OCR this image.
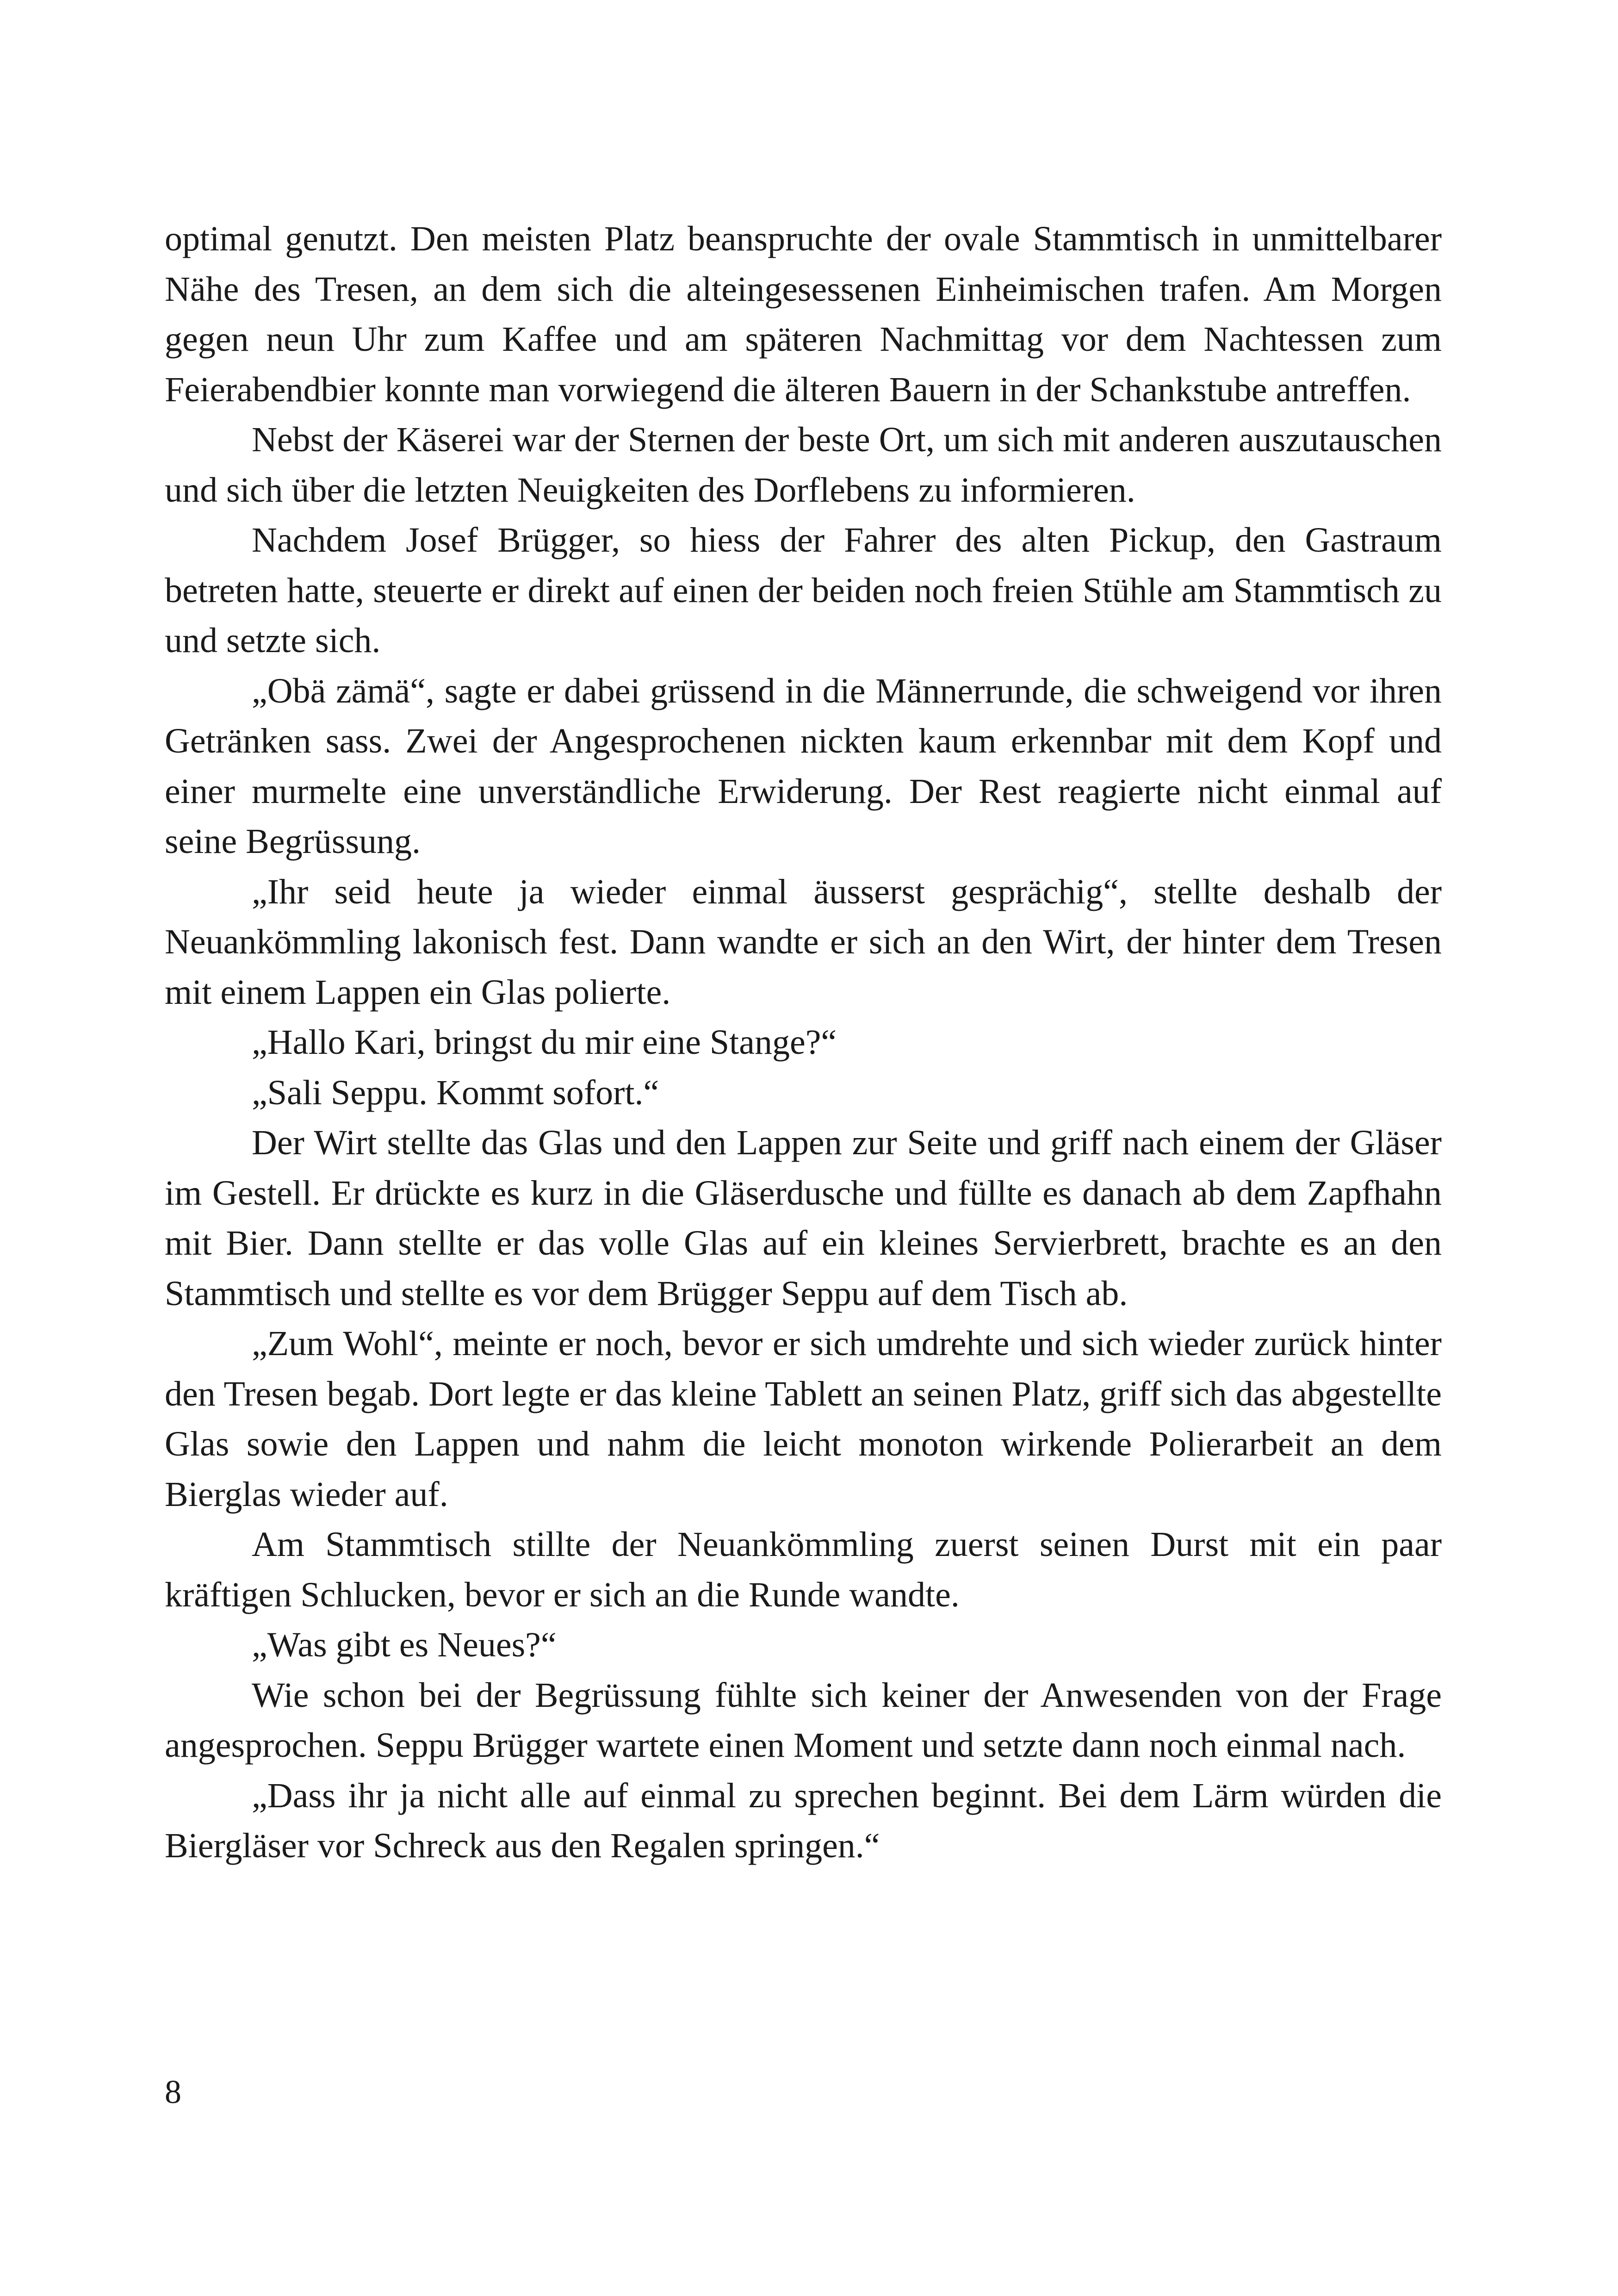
optimal genutzt. Den meisten Platz beanspruchte der ovale Stammtisch in unmittelbarer Nähe des Tresen, an dem sich die alteingesessenen Einheimischen trafen. Am Morgen gegen neun Uhr zum Kaffee und am späteren Nachmittag vor dem Nachtessen zum Feierabendbier konnte man vorwiegend die älteren Bauern in der Schankstube antreffen.

Nebst der Käserei war der Sternen der beste Ort, um sich mit anderen auszutauschen und sich über die letzten Neuigkeiten des Dorflebens zu informieren.

Nachdem Josef Brügger, so hiess der Fahrer des alten Pickup, den Gastraum betreten hatte, steuerte er direkt auf einen der beiden noch freien Stühle am Stammtisch zu und setzte sich.

„Obä zämä“, sagte er dabei grüssend in die Männerrunde, die schweigend vor ihren Getränken sass. Zwei der Angesprochenen nickten kaum erkennbar mit dem Kopf und einer murmelte eine unverständliche Erwiderung. Der Rest reagierte nicht einmal auf seine Begrüssung.

„Ihr seid heute ja wieder einmal äusserst gesprächig“, stellte deshalb der Neuankömmling lakonisch fest. Dann wandte er sich an den Wirt, der hinter dem Tresen mit einem Lappen ein Glas polierte.

„Hallo Kari, bringst du mir eine Stange?“

„Sali Seppu. Kommt sofort.“

Der Wirt stellte das Glas und den Lappen zur Seite und griff nach einem der Gläser im Gestell. Er drückte es kurz in die Gläserdusche und füllte es danach ab dem Zapfhahn mit Bier. Dann stellte er das volle Glas auf ein kleines Servierbrett, brachte es an den Stammtisch und stellte es vor dem Brügger Seppu auf dem Tisch ab.

„Zum Wohl“, meinte er noch, bevor er sich umdrehte und sich wieder zurück hinter den Tresen begab. Dort legte er das kleine Tablett an seinen Platz, griff sich das abgestellte Glas sowie den Lappen und nahm die leicht monoton wirkende Polierarbeit an dem Bierglas wieder auf.

Am Stammtisch stillte der Neuankömmling zuerst seinen Durst mit ein paar kräftigen Schlucken, bevor er sich an die Runde wandte.

„Was gibt es Neues?“

Wie schon bei der Begrüssung fühlte sich keiner der Anwesenden von der Frage angesprochen. Seppu Brügger wartete einen Moment und setzte dann noch einmal nach.

„Dass ihr ja nicht alle auf einmal zu sprechen beginnt. Bei dem Lärm würden die Biergläser vor Schreck aus den Regalen springen.“

8
